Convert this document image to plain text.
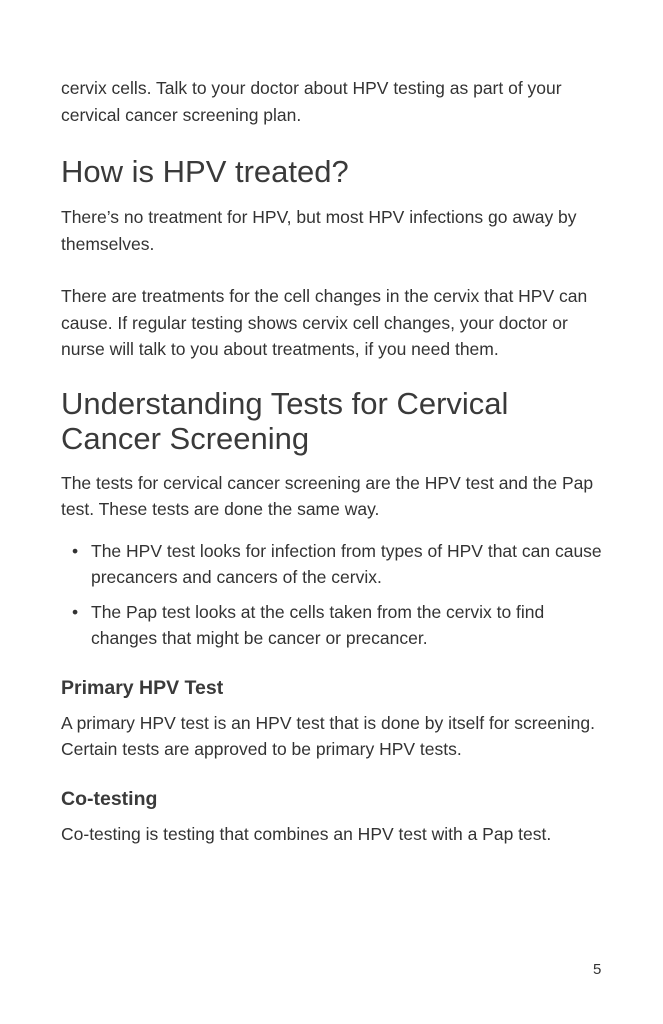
cervix cells. Talk to your doctor about HPV testing as part of your cervical cancer screening plan.

How is HPV treated?

There’s no treatment for HPV, but most HPV infections go away by themselves.

There are treatments for the cell changes in the cervix that HPV can cause. If regular testing shows cervix cell changes, your doctor or nurse will talk to you about treatments, if you need them.

Understanding Tests for Cervical Cancer Screening

The tests for cervical cancer screening are the HPV test and the Pap test. These tests are done the same way.

• The HPV test looks for infection from types of HPV that can cause precancers and cancers of the cervix.
• The Pap test looks at the cells taken from the cervix to find changes that might be cancer or precancer.
Primary HPV Test

A primary HPV test is an HPV test that is done by itself for screening. Certain tests are approved to be primary HPV tests.

Co-testing

Co-testing is testing that combines an HPV test with a Pap test.

5
